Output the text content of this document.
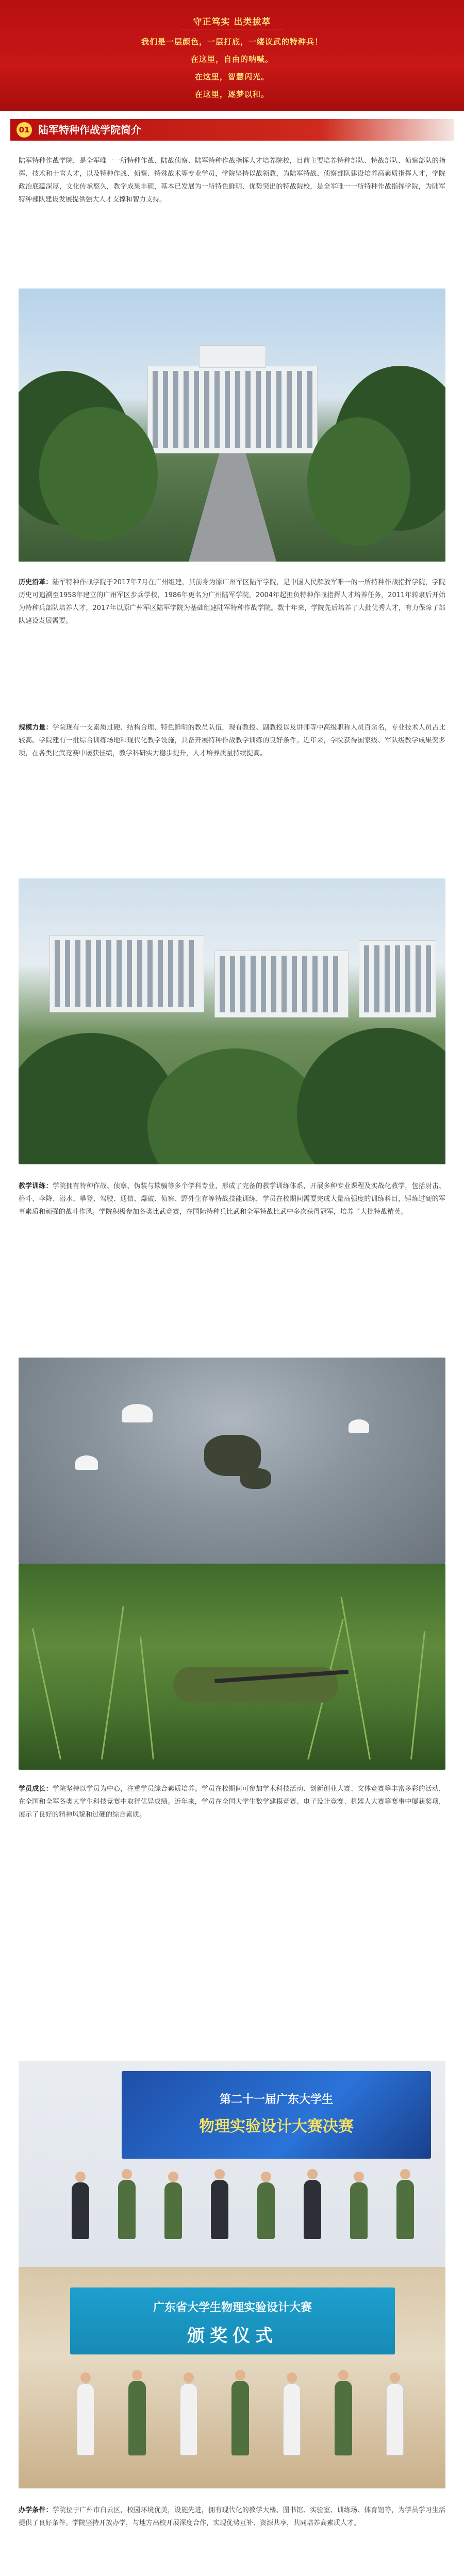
守正笃实 出类拔萃
我们是一层颜色，一层打底，一缕议武的特种兵！
在这里，自由的呐喊。
在这里，智慧闪光。
在这里，逐梦以和。
01 陆军特种作战学院简介

陆军特种作战学院，是全军唯一一所特种作战、陆战侦察、陆军特种作战指挥人才培养院校，目前主要培养特种部队、特战部队、侦察部队的指挥、技术和士官人才，以及特种作战、侦察、特殊战术等专业学员，学院坚持以战领教，为陆军特战、侦察部队建设培养高素质指挥人才，学院政治底蕴深厚，文化传承悠久，教学成果丰硕，基本已发展为一所特色鲜明、优势突出的特战院校，是全军唯一一所特种作战指挥学院，为陆军特种部队建设发展提供强大人才支撑和智力支持。

历史沿革：陆军特种作战学院于2017年7月在广州组建，其前身为原广州军区陆军学院，是中国人民解放军唯一的一所特种作战指挥学院，学院历史可追溯至1958年建立的广州军区步兵学校，1986年更名为广州陆军学院，2004年起担负特种作战指挥人才培养任务，2011年转隶后开始为特种兵部队培养人才，2017年以原广州军区陆军学院为基础组建陆军特种作战学院。数十年来，学院先后培养了大批优秀人才，有力保障了部队建设发展需要。

规模力量：学院现有一支素质过硬、结构合理、特色鲜明的教员队伍，现有教授、副教授以及讲师等中高级职称人员百余名，专业技术人员占比较高。学院建有一批综合训练场地和现代化教学设施，具备开展特种作战教学训练的良好条件。近年来，学院获得国家级、军队级教学成果奖多项，在各类比武竞赛中屡获佳绩，教学科研实力稳步提升，人才培养质量持续提高。

教学训练：学院拥有特种作战、侦察、伪装与欺骗等多个学科专业，形成了完备的教学训练体系，开展多种专业课程及实战化教学，包括射击、格斗、伞降、潜水、攀登、驾驶、通信、爆破、侦察、野外生存等特战技能训练，学员在校期间需要完成大量高强度的训练科目，锤炼过硬的军事素质和顽强的战斗作风。学院积极参加各类比武竞赛，在国际特种兵比武和全军特战比武中多次获得冠军，培养了大批特战精英。

学员成长：学院坚持以学员为中心，注重学员综合素质培养。学员在校期间可参加学术科技活动、创新创业大赛、文体竞赛等丰富多彩的活动，在全国和全军各类大学生科技竞赛中取得优异成绩。近年来，学员在全国大学生数学建模竞赛、电子设计竞赛、机器人大赛等赛事中屡获奖项，展示了良好的精神风貌和过硬的综合素质。

第二十一届广东大学生
物理实验设计大赛决赛
广东省大学生物理实验设计大赛
颁奖仪式

办学条件：学院位于广州市白云区，校园环境优美，设施先进，拥有现代化的教学大楼、图书馆、实验室、训练场、体育馆等，为学员学习生活提供了良好条件。学院坚持开放办学，与地方高校开展深度合作，实现优势互补、资源共享，共同培养高素质人才。
